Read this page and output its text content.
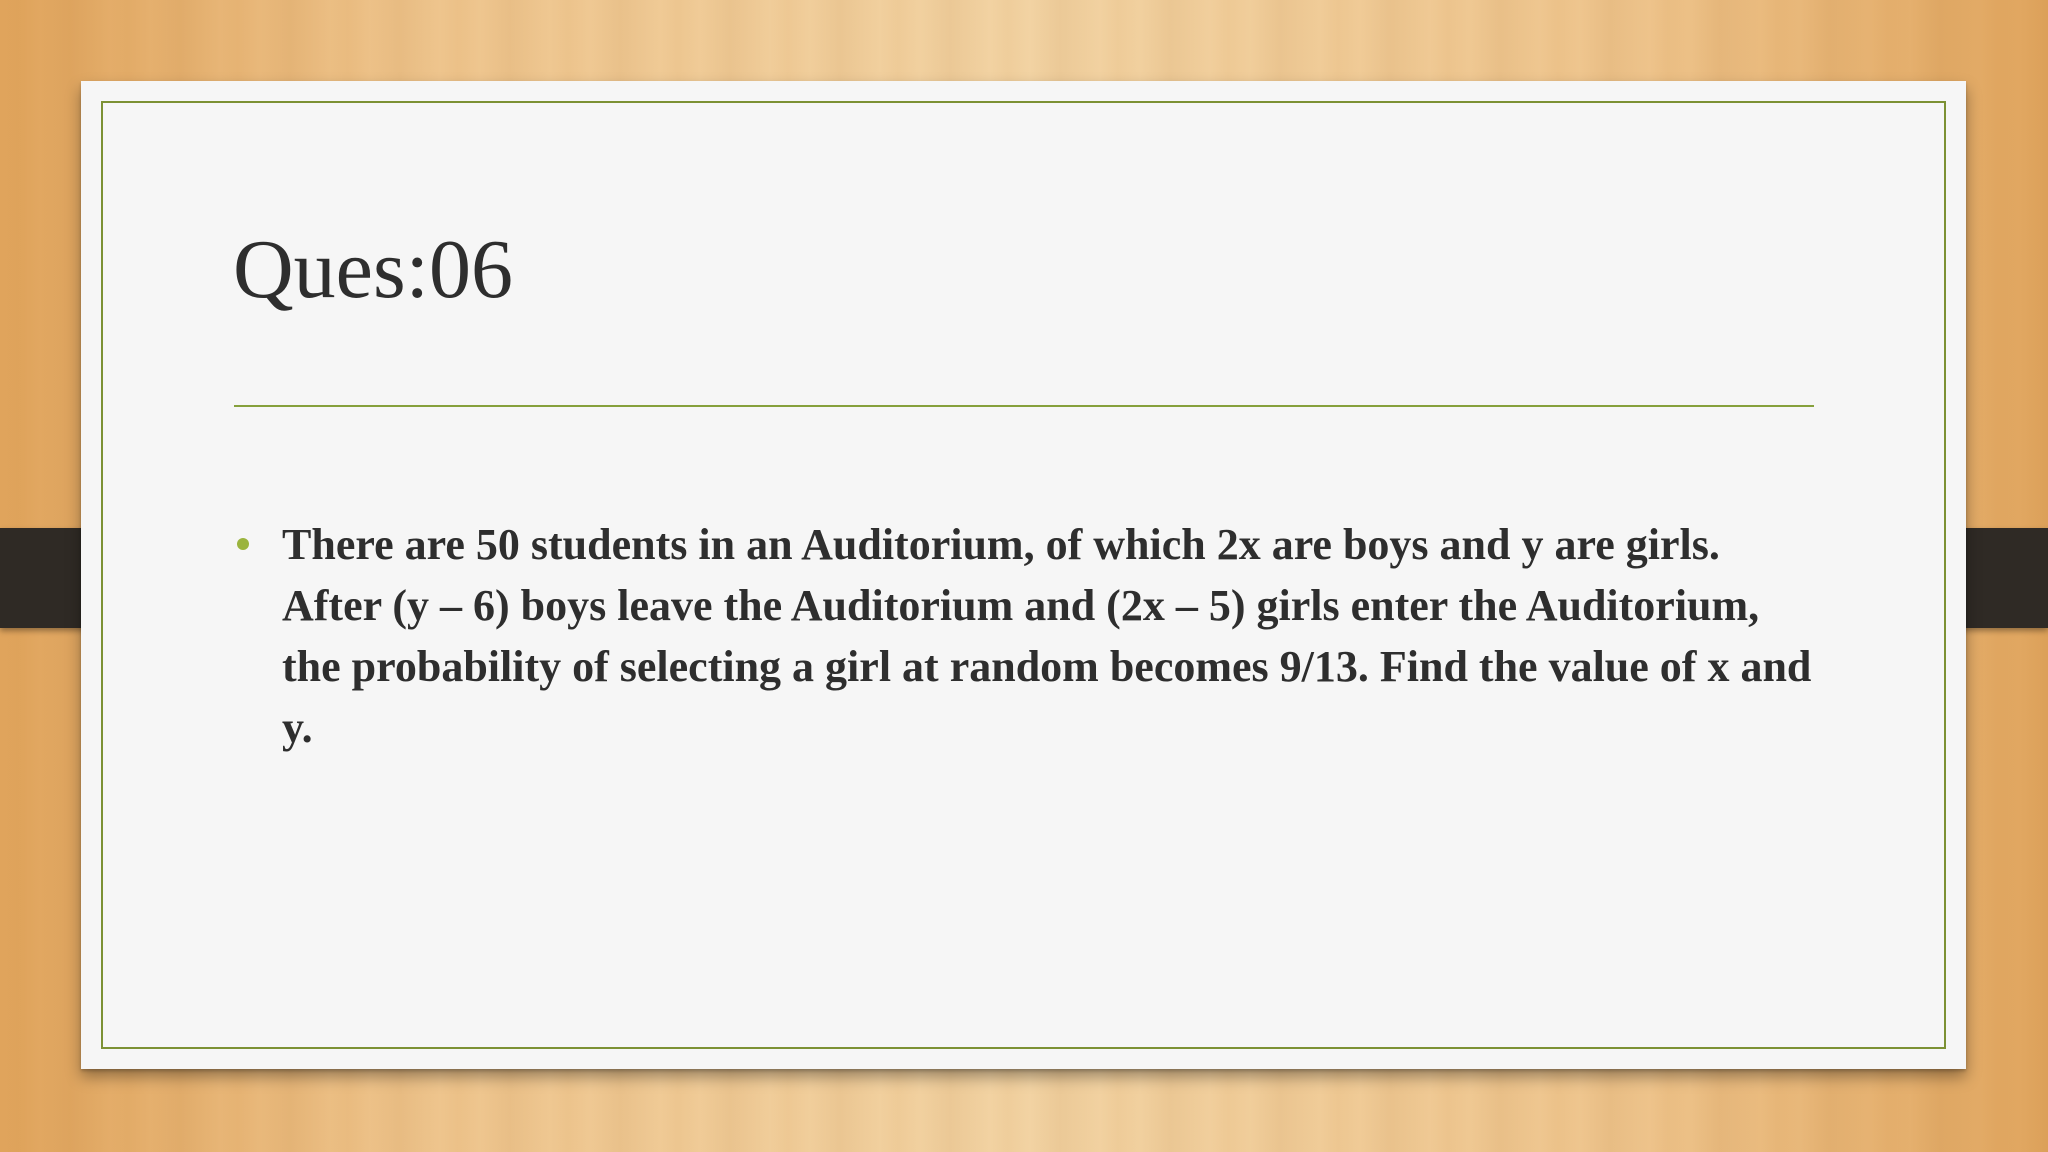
Ques:06
There are 50 students in an Auditorium, of which 2x are boys and y are girls. After (y – 6) boys leave the Auditorium and (2x – 5) girls enter the Auditorium, the probability of selecting a girl at random becomes 9/13. Find the value of x and y.
